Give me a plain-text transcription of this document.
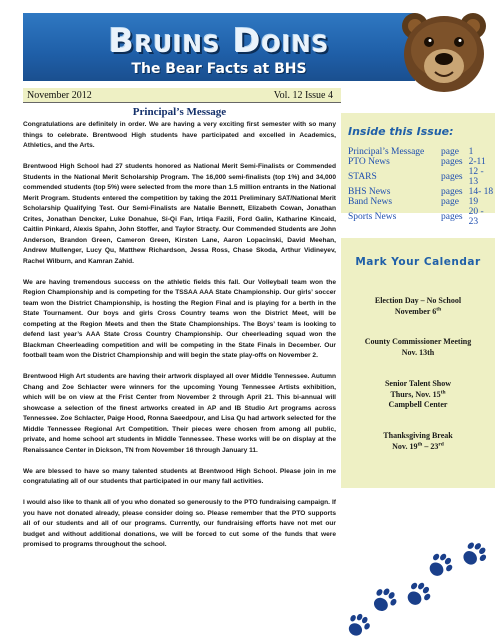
Bruins Doins
The Bear Facts at BHS
November 2012	Vol. 12 Issue 4
Principal’s Message

Congratulations are definitely in order. We are having a very exciting first semester with so many things to celebrate. Brentwood High students have participated and excelled in Academics, Athletics, and the Arts.

Brentwood High School had 27 students honored as National Merit Semi-Finalists or Commended Students in the National Merit Scholarship Program. The 16,000 semi-finalists (top 1%) and 34,000 commended students (top 5%) were selected from the more than 1.5 million entrants in the National Merit Program. Students entered the competition by taking the 2011 Preliminary SAT/National Merit Scholarship Qualifying Test. Our Semi-Finalists are Natalie Bennett, Elizabeth Cowan, Jonathan Crites, Jonathan Dencker, Luke Donahue, Si-Qi Fan, Irtiqa Fazili, Ford Galin, Katharine Kincaid, Caitlin Pinkard, Alexis Spahn, John Stoffer, and Taylor Stracty. Our Commended Students are John Anderson, Brandon Green, Cameron Green, Kirsten Lane, Aaron Lopacinski, David Meehan, Andrew Mullenger, Lucy Qu, Matthew Richardson, Jessa Ross, Chase Skoda, Arthur Vidineyev, Rachel Wilburn, and Kamran Zahid.

We are having tremendous success on the athletic fields this fall. Our Volleyball team won the Region Championship and is competing for the TSSAA AAA State Championship. Our girls’ soccer team won the District Championship, is hosting the Region Final and is playing for a berth in the State Tournament. Our boys and girls Cross Country teams won the District Meet, will be competing at the Region Meets and then the State Championships. The Boys’ team is looking to defend last year’s AAA State Cross Country Championship. Our cheerleading squad won the Blackman Cheerleading competition and will be competing in the State Finals in December. Our football team won the District Championship and will begin the state play-offs on November 2.

Brentwood High Art students are having their artwork displayed all over Middle Tennessee. Autumn Chang and Zoe Schlacter were winners for the upcoming Young Tennessee Artists exhibition, which will be on view at the Frist Center from November 2 through April 21. This bi-annual will showcase a selection of the finest artworks created in AP and IB Studio Art programs across Tennessee. Zoe Schlacter, Paige Hood, Ronna Saeedpour, and Lisa Qu had artwork selected for the Middle Tennessee Regional Art Competition. Their pieces were chosen from among all public, private, and home school art students in Middle Tennessee. These works will be on display at the Renaissance Center in Dickson, TN from November 16 through January 11.

We are blessed to have so many talented students at Brentwood High School. Please join in me congratulating all of our students that participated in our many fall activities.

I would also like to thank all of you who donated so generously to the PTO fundraising campaign. If you have not donated already, please consider doing so. Please remember that the PTO supports all of our students and all of our programs. Currently, our fundraising efforts have not met our budget and without additional donations, we will be forced to cut some of the funds that were promised to programs throughout the school.

Inside this Issue:
Principal’s Message	page	1
PTO News	pages	2-11
STARS	pages	12 - 13
BHS News	pages	14- 18
Band News	page	19
Sports News	pages	20 - 23
Mark Your Calendar
Election Day – No School
November 6th
County Commissioner Meeting
Nov. 13th
Senior Talent Show
Thurs, Nov. 15th
Campbell Center
Thanksgiving Break
Nov. 19th – 23rd
